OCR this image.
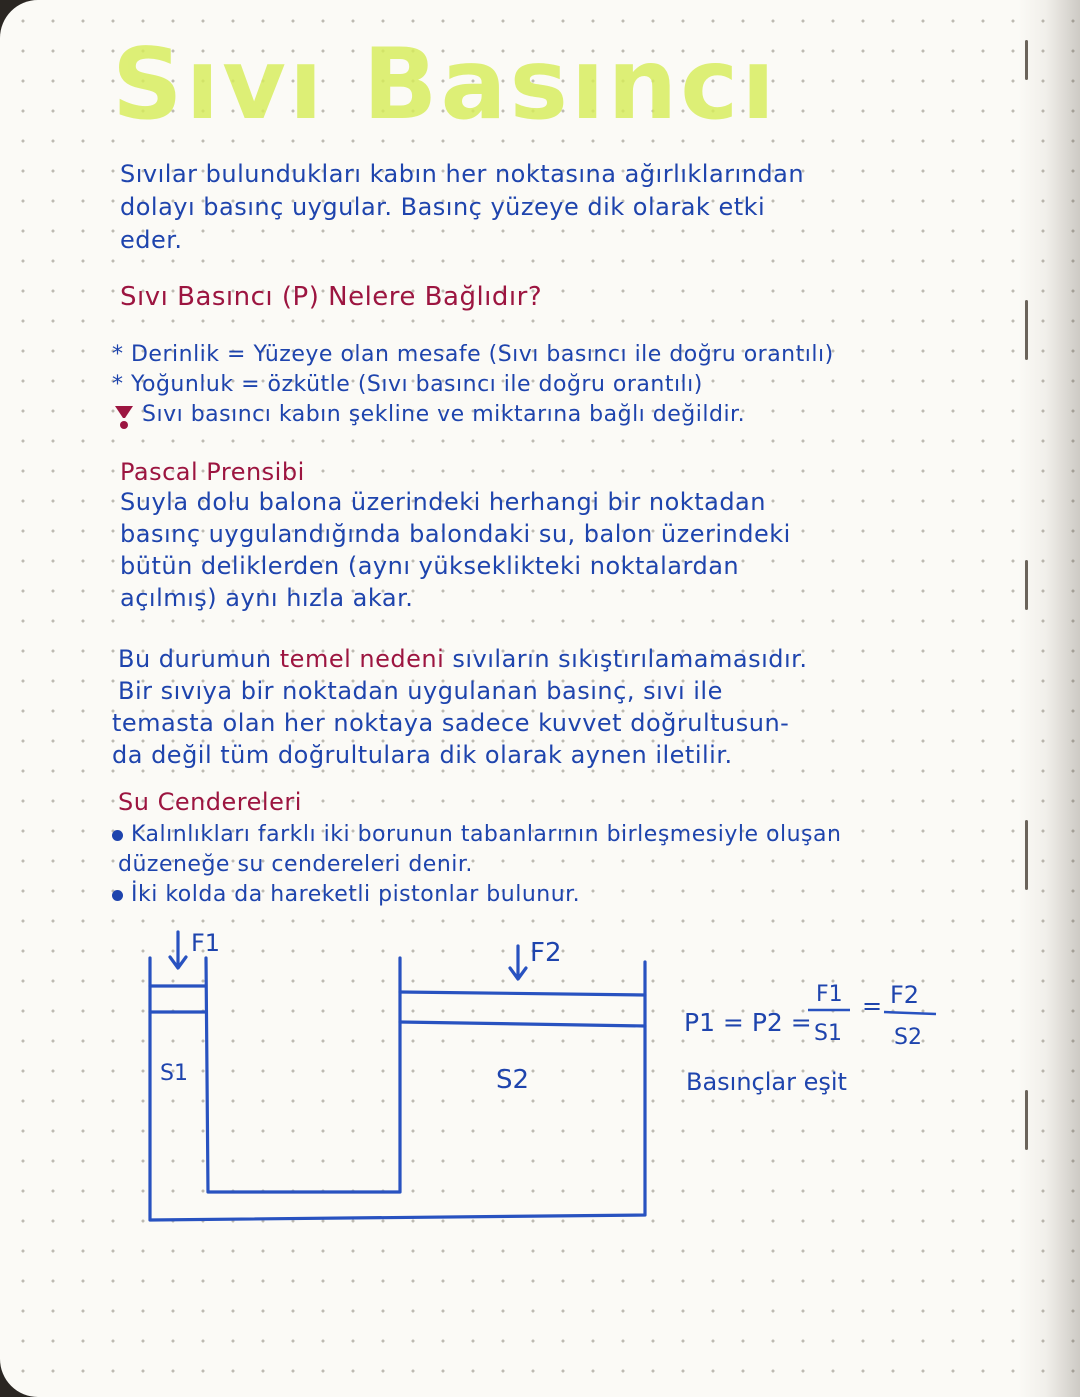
Sıvı Basıncı

Sıvılar bulundukları kabın her noktasına ağırlıklarından

dolayı basınç uygular. Basınç yüzeye dik olarak etki

eder.

Sıvı Basıncı (P) Nelere Bağlıdır?

* Derinlik = Yüzeye olan mesafe (Sıvı basıncı ile doğru orantılı)

* Yoğunluk = özkütle (Sıvı basıncı ile doğru orantılı)

Sıvı basıncı kabın şekline ve miktarına bağlı değildir.

Pascal Prensibi

Suyla dolu balona üzerindeki herhangi bir noktadan

basınç uygulandığında balondaki su, balon üzerindeki

bütün deliklerden (aynı yükseklikteki noktalardan

açılmış) aynı hızla akar.

Bu durumun temel nedeni sıvıların sıkıştırılamamasıdır.

Bir sıvıya bir noktadan uygulanan basınç, sıvı ile

temasta olan her noktaya sadece kuvvet doğrultusun-

da değil tüm doğrultulara dik olarak aynen iletilir.

Su Cendereleri

Kalınlıkları farklı iki borunun tabanlarının birleşmesiyle oluşan

düzeneğe su cendereleri denir.

İki kolda da hareketli pistonlar bulunur.

F1	F2
S1	S2
P1 = P2 =
F1
S1
= F2
S2
Basınçlar eşit
